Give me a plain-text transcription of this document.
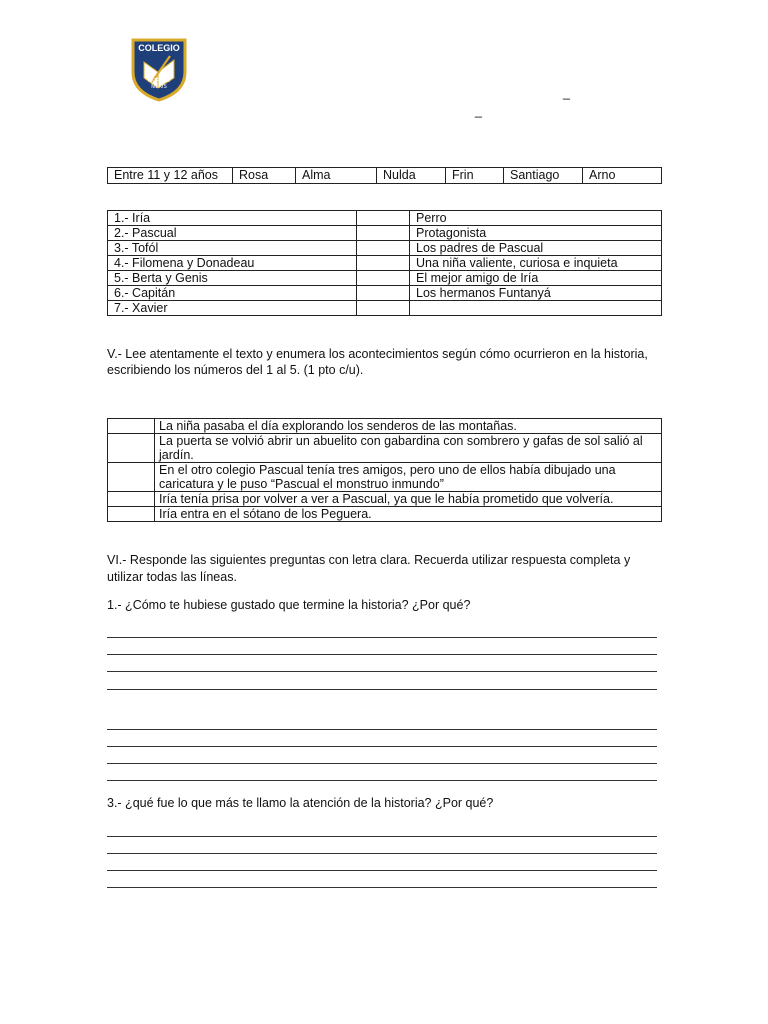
COLEGIO
PATRICIO MEKIS	_
_
Entre 11 y 12 años	Rosa	Alma	Nulda	Frin	Santiago	Arno
1.- Iría		Perro
2.- Pascual		Protagonista
3.- Tofól		Los padres de Pascual
4.- Filomena y Donadeau		Una niña valiente, curiosa e inquieta
5.- Berta y Genis		El mejor amigo de Iría
6.- Capitán		Los hermanos Funtanyá
7.- Xavier		
V.- Lee atentamente el texto y enumera los acontecimientos según cómo ocurrieron en la historia,
escribiendo los números del 1 al 5. (1 pto c/u).

	La niña pasaba el día explorando los senderos de las montañas.

	La puerta se volvió abrir un abuelito con gabardina con sombrero y gafas de sol salió al
jardín.

	En el otro colegio Pascual tenía tres amigos, pero uno de ellos había dibujado una
caricatura y le puso “Pascual el monstruo inmundo”

	Iría tenía prisa por volver a ver a Pascual, ya que le había prometido que volvería.

	Iría entra en el sótano de los Peguera.
VI.- Responde las siguientes preguntas con letra clara. Recuerda utilizar respuesta completa y
utilizar todas las líneas.
1.- ¿Cómo te hubiese gustado que termine la historia? ¿Por qué?
3.- ¿qué fue lo que más te llamo la atención de la historia? ¿Por qué?
